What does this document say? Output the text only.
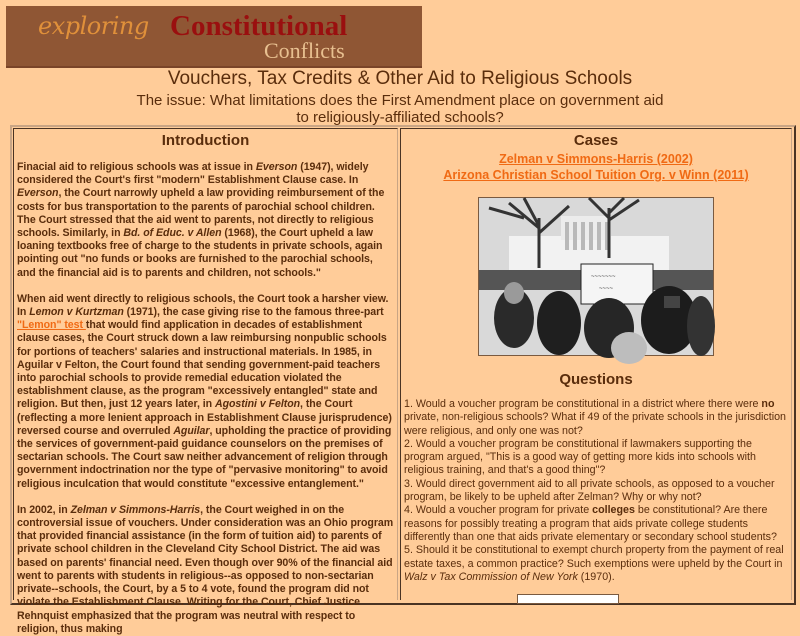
exploring Constitutional
Conflicts
Vouchers, Tax Credits & Other Aid to Religious Schools
The issue: What limitations does the First Amendment place on government aid
to religiously-affiliated schools?
Introduction

Finacial aid to religious schools was at issue in Everson (1947), widely considered the Court's first "modern" Establishment Clause case. In Everson, the Court narrowly upheld a law providing reimbursement of the costs for bus transportation to the parents of parochial school children. The Court stressed that the aid went to parents, not directly to religious schools. Similarly, in Bd. of Educ. v Allen (1968), the Court upheld a law loaning textbooks free of charge to the students in private schools, again pointing out "no funds or books are furnished to the parochial schools, and the financial aid is to parents and children, not schools."

When aid went directly to religious schools, the Court took a harsher view. In Lemon v Kurtzman (1971), the case giving rise to the famous three-part
"Lemon" test that would find application in decades of establishment clause cases, the Court struck down a law reimbursing nonpublic schools for portions of teachers' salaries and instructional materials. In 1985, in Aguilar v Felton, the Court found that sending government-paid teachers into parochial schools to provide remedial education violated the establishment clause, as the program "excessively entangled" state and religion. But then, just 12 years later, in Agostini v Felton, the Court (reflecting a more lenient approach in Establishment Clause jurisprudence) reversed course and overruled Aguilar, upholding the practice of providing the services of government-paid guidance counselors on the premises of sectarian schools. The Court saw neither advancement of religion through government indoctrination nor the type of "pervasive monitoring" to avoid religious inculcation that would constitute "excessive entanglement."

In 2002, in Zelman v Simmons-Harris, the Court weighed in on the controversial issue of vouchers. Under consideration was an Ohio program that provided financial assistance (in the form of tuition aid) to parents of private school children in the Cleveland City School District. The aid was based on parents' financial need. Even though over 90% of the financial aid went to parents with students in religious--as opposed to non-sectarian private--schools, the Court, by a 5 to 4 vote, found the program did not violate the Establishment Clause. Writing for the Court, Chief Justice Rehnquist emphasized that the program was neutral with respect to religion, thus making

Cases
Zelman v Simmons-Harris (2002)
Arizona Christian School Tuition Org. v Winn (2011)
~~~~~~~
~~~~
Questions
1. Would a voucher program be constitutional in a district where there were no private, non-religious schools? What if 49 of the private schools in the jurisdiction were religious, and only one was not?
2. Would a voucher program be constitutional if lawmakers supporting the program argued, "This is a good way of getting more kids into schools with religious training, and that's a good thing"?
3. Would direct government aid to all private schools, as opposed to a voucher program, be likely to be upheld after Zelman? Why or why not?
4. Would a voucher program for private colleges be constitutional? Are there reasons for possibly treating a program that aids private college students differently than one that aids private elementary or secondary school students?
5. Should it be constitutional to exempt church property from the payment of real estate taxes, a common practice? Such exemptions were upheld by the Court in Walz v Tax Commission of New York (1970).
